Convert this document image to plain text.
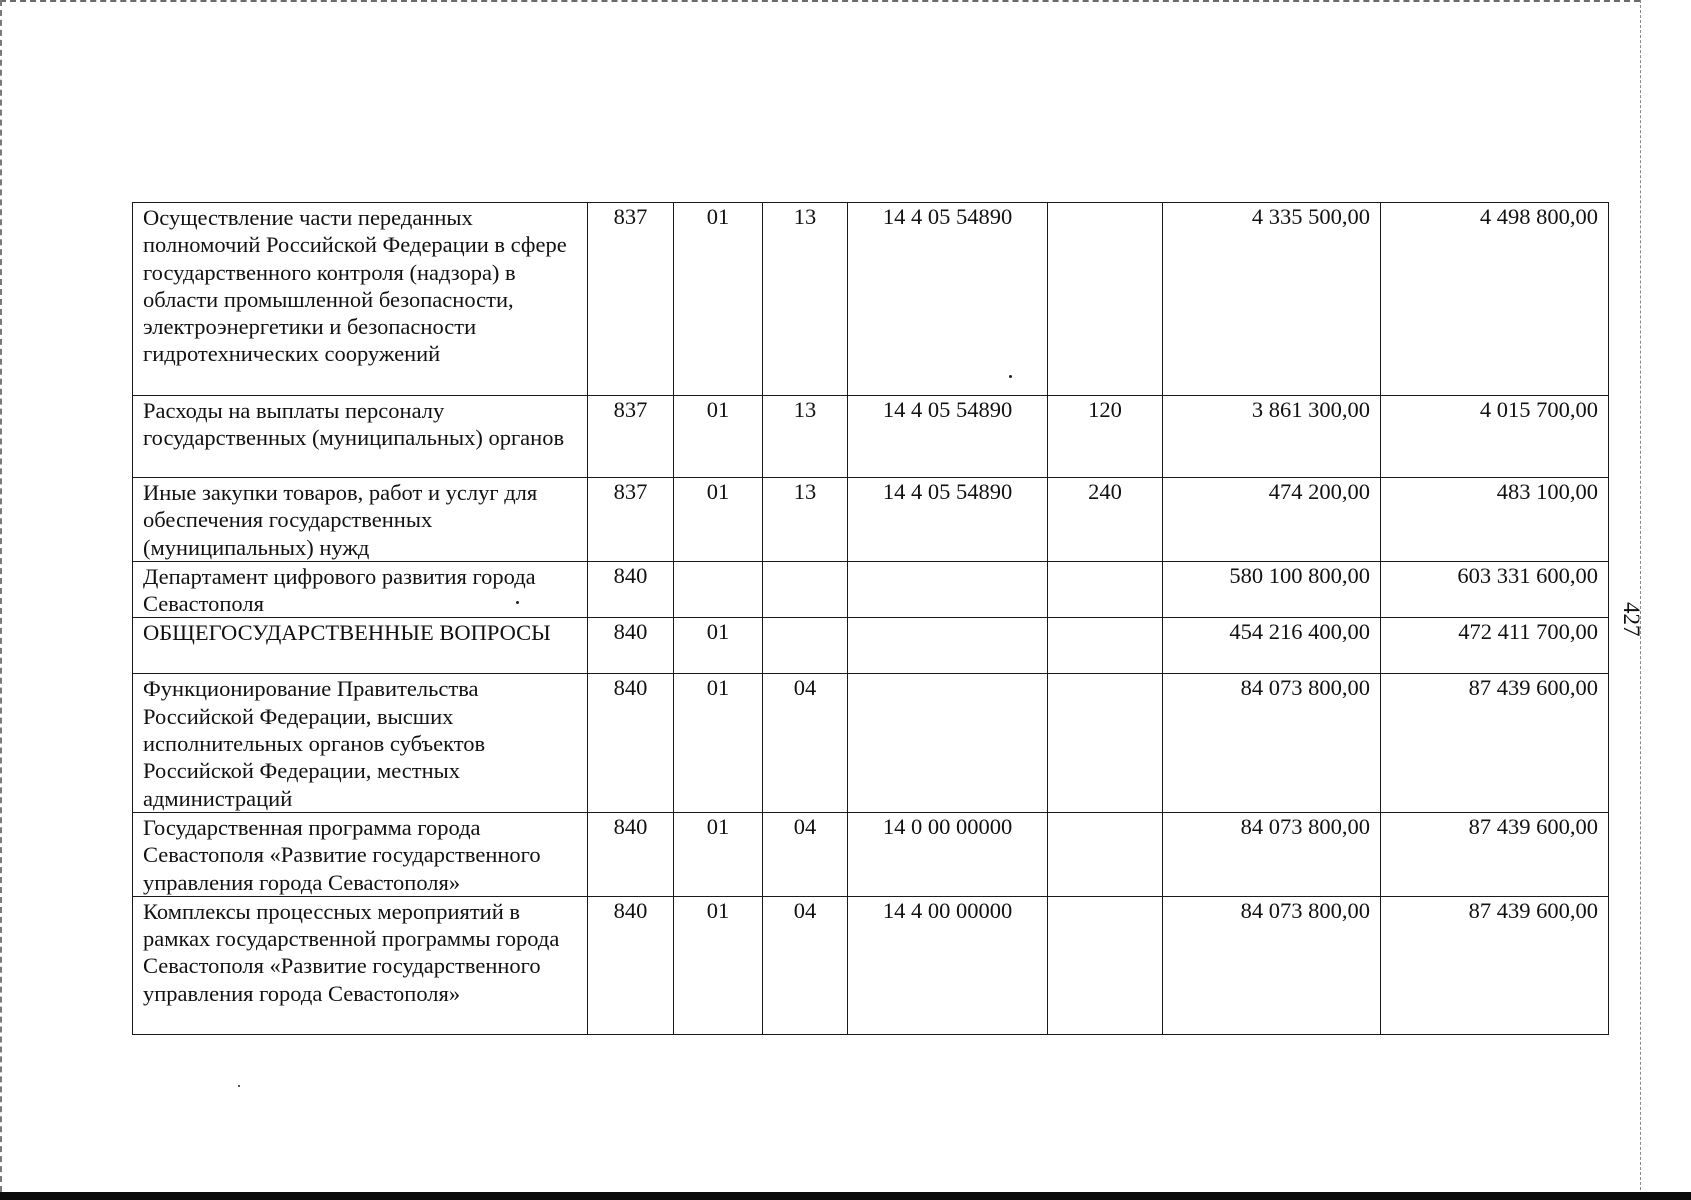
Осуществление части переданных полномочий Российской Федерации в сфере государственного контроля (надзора) в области промышленной безопасности, электроэнергетики и безопасности гидротехнических сооружений	837	01	13	14 4 05 54890		4 335 500,00	4 498 800,00
Расходы на выплаты персоналу государственных (муниципальных) органов	837	01	13	14 4 05 54890	120	3 861 300,00	4 015 700,00
Иные закупки товаров, работ и услуг для обеспечения государственных (муниципальных) нужд	837	01	13	14 4 05 54890	240	474 200,00	483 100,00
Департамент цифрового развития города Севастополя	840					580 100 800,00	603 331 600,00
ОБЩЕГОСУДАРСТВЕННЫЕ ВОПРОСЫ	840	01				454 216 400,00	472 411 700,00
Функционирование Правительства Российской Федерации, высших исполнительных органов субъектов Российской Федерации, местных администраций	840	01	04			84 073 800,00	87 439 600,00
Государственная программа города Севастополя «Развитие государственного управления города Севастополя»	840	01	04	14 0 00 00000		84 073 800,00	87 439 600,00
Комплексы процессных мероприятий в рамках государственной программы города Севастополя «Развитие государственного управления города Севастополя»	840	01	04	14 4 00 00000		84 073 800,00	87 439 600,00
427
